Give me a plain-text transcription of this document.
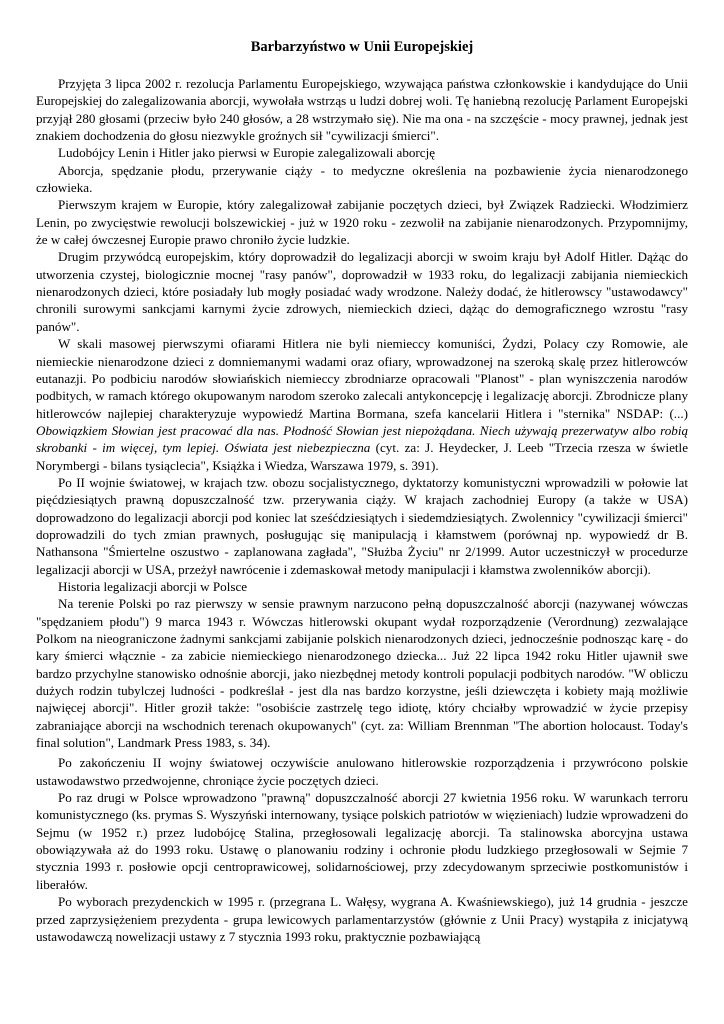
Barbarzyństwo w Unii Europejskiej

Przyjęta 3 lipca 2002 r. rezolucja Parlamentu Europejskiego, wzywająca państwa członkowskie i kandydujące do Unii Europejskiej do zalegalizowania aborcji, wywołała wstrząs u ludzi dobrej woli. Tę haniebną rezolucję Parlament Europejski przyjął 280 głosami (przeciw było 240 głosów, a 28 wstrzymało się). Nie ma ona - na szczęście - mocy prawnej, jednak jest znakiem dochodzenia do głosu niezwykle groźnych sił "cywilizacji śmierci".

Ludobójcy Lenin i Hitler jako pierwsi w Europie zalegalizowali aborcję

Aborcja, spędzanie płodu, przerywanie ciąży - to medyczne określenia na pozbawienie życia nienarodzonego człowieka.

Pierwszym krajem w Europie, który zalegalizował zabijanie poczętych dzieci, był Związek Radziecki. Włodzimierz Lenin, po zwycięstwie rewolucji bolszewickiej - już w 1920 roku - zezwolił na zabijanie nienarodzonych. Przypomnijmy, że w całej ówczesnej Europie prawo chroniło życie ludzkie.

Drugim przywódcą europejskim, który doprowadził do legalizacji aborcji w swoim kraju był Adolf Hitler. Dążąc do utworzenia czystej, biologicznie mocnej "rasy panów", doprowadził w 1933 roku, do legalizacji zabijania niemieckich nienarodzonych dzieci, które posiadały lub mogły posiadać wady wrodzone. Należy dodać, że hitlerowscy "ustawodawcy" chronili surowymi sankcjami karnymi życie zdrowych, niemieckich dzieci, dążąc do demograficznego wzrostu "rasy panów".

W skali masowej pierwszymi ofiarami Hitlera nie byli niemieccy komuniści, Żydzi, Polacy czy Romowie, ale niemieckie nienarodzone dzieci z domniemanymi wadami oraz ofiary, wprowadzonej na szeroką skalę przez hitlerowców eutanazji. Po podbiciu narodów słowiańskich niemieccy zbrodniarze opracowali "Planost" - plan wyniszczenia narodów podbitych, w ramach którego okupowanym narodom szeroko zalecali antykoncepcję i legalizację aborcji. Zbrodnicze plany hitlerowców najlepiej charakteryzuje wypowiedź Martina Bormana, szefa kancelarii Hitlera i "sternika" NSDAP: (...) Obowiązkiem Słowian jest pracować dla nas. Płodność Słowian jest niepożądana. Niech używają prezerwatyw albo robią skrobanki - im więcej, tym lepiej. Oświata jest niebezpieczna (cyt. za: J. Heydecker, J. Leeb "Trzecia rzesza w świetle Norymbergi - bilans tysiąclecia", Książka i Wiedza, Warszawa 1979, s. 391).

Po II wojnie światowej, w krajach tzw. obozu socjalistycznego, dyktatorzy komunistyczni wprowadzili w połowie lat pięćdziesiątych prawną dopuszczalność tzw. przerywania ciąży. W krajach zachodniej Europy (a także w USA) doprowadzono do legalizacji aborcji pod koniec lat sześćdziesiątych i siedemdziesiątych. Zwolennicy "cywilizacji śmierci" doprowadzili do tych zmian prawnych, posługując się manipulacją i kłamstwem (porównaj np. wypowiedź dr B. Nathansona "Śmiertelne oszustwo - zaplanowana zagłada", "Służba Życiu" nr 2/1999. Autor uczestniczył w procedurze legalizacji aborcji w USA, przeżył nawrócenie i zdemaskował metody manipulacji i kłamstwa zwolenników aborcji).

Historia legalizacji aborcji w Polsce

Na terenie Polski po raz pierwszy w sensie prawnym narzucono pełną dopuszczalność aborcji (nazywanej wówczas "spędzaniem płodu") 9 marca 1943 r. Wówczas hitlerowski okupant wydał rozporządzenie (Verordnung) zezwalające Polkom na nieograniczone żadnymi sankcjami zabijanie polskich nienarodzonych dzieci, jednocześnie podnosząc karę - do kary śmierci włącznie - za zabicie niemieckiego nienarodzonego dziecka... Już 22 lipca 1942 roku Hitler ujawnił swe bardzo przychylne stanowisko odnośnie aborcji, jako niezbędnej metody kontroli populacji podbitych narodów. "W obliczu dużych rodzin tubylczej ludności - podkreślał - jest dla nas bardzo korzystne, jeśli dziewczęta i kobiety mają możliwie najwięcej aborcji". Hitler groził także: "osobiście zastrzelę tego idiotę, który chciałby wprowadzić w życie przepisy zabraniające aborcji na wschodnich terenach okupowanych" (cyt. za: William Brennman "The abortion holocaust. Today's final solution", Landmark Press 1983, s. 34).

Po zakończeniu II wojny światowej oczywiście anulowano hitlerowskie rozporządzenia i przywrócono polskie ustawodawstwo przedwojenne, chroniące życie poczętych dzieci.

Po raz drugi w Polsce wprowadzono "prawną" dopuszczalność aborcji 27 kwietnia 1956 roku. W warunkach terroru komunistycznego (ks. prymas S. Wyszyński internowany, tysiące polskich patriotów w więzieniach) ludzie wprowadzeni do Sejmu (w 1952 r.) przez ludobójcę Stalina, przegłosowali legalizację aborcji. Ta stalinowska aborcyjna ustawa obowiązywała aż do 1993 roku. Ustawę o planowaniu rodziny i ochronie płodu ludzkiego przegłosowali w Sejmie 7 stycznia 1993 r. posłowie opcji centroprawicowej, solidarnościowej, przy zdecydowanym sprzeciwie postkomunistów i liberałów.

Po wyborach prezydenckich w 1995 r. (przegrana L. Wałęsy, wygrana A. Kwaśniewskiego), już 14 grudnia - jeszcze przed zaprzysiężeniem prezydenta - grupa lewicowych parlamentarzystów (głównie z Unii Pracy) wystąpiła z inicjatywą ustawodawczą nowelizacji ustawy z 7 stycznia 1993 roku, praktycznie pozbawiającą
